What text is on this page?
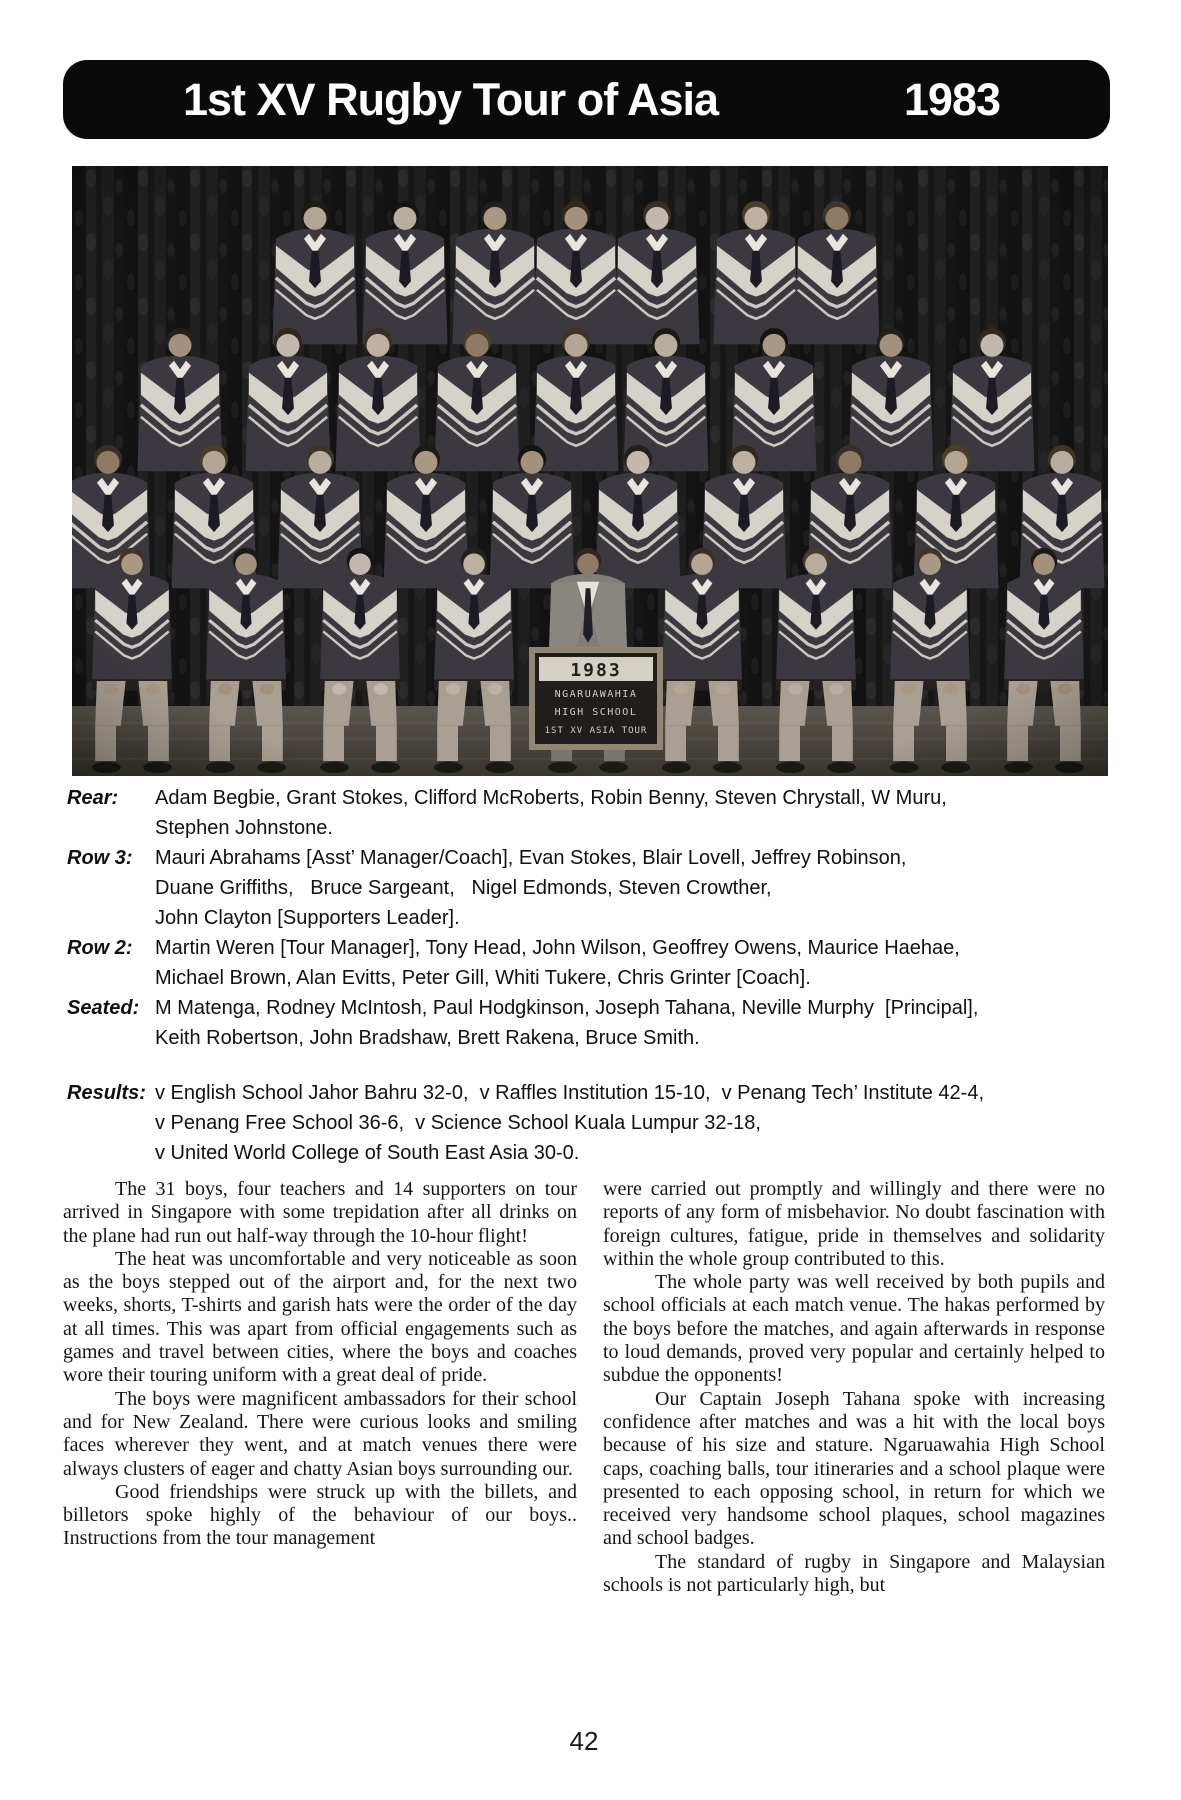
1st XV Rugby Tour of Asia	1983
Rear:	Adam Begbie, Grant Stokes, Clifford McRoberts, Robin Benny, Steven Chrystall, W Muru,
Stephen Johnstone.
Row 3:	Mauri Abrahams [Asst’ Manager/Coach], Evan Stokes, Blair Lovell, Jeffrey Robinson,
Duane Griffiths,   Bruce Sargeant,   Nigel Edmonds, Steven Crowther,
John Clayton [Supporters Leader].
Row 2:	Martin Weren [Tour Manager], Tony Head, John Wilson, Geoffrey Owens, Maurice Haehae,
Michael Brown, Alan Evitts, Peter Gill, Whiti Tukere, Chris Grinter [Coach].
Seated: M Matenga, Rodney McIntosh, Paul Hodgkinson, Joseph Tahana, Neville Murphy  [Principal],
Keith Robertson, John Bradshaw, Brett Rakena, Bruce Smith.
Results: v English School Jahor Bahru 32-0,  v Raffles Institution 15-10,  v Penang Tech’ Institute 42-4,
v Penang Free School 36-6,  v Science School Kuala Lumpur 32-18,
v United World College of South East Asia 30-0.

The 31 boys, four teachers and 14 supporters on tour arrived in Singapore with some trepidation after all drinks on the plane had run out half-way through the 10-hour flight!

The heat was uncomfortable and very noticeable as soon as the boys stepped out of the airport and, for the next two weeks, shorts, T-shirts and garish hats were the order of the day at all times. This was apart from official engagements such as games and travel between cities, where the boys and coaches wore their touring uniform with a great deal of pride.

The boys were magnificent ambassadors for their school and for New Zealand. There were curious looks and smiling faces wherever they went, and at match venues there were always clusters of eager and chatty Asian boys surrounding our.

Good friendships were struck up with the billets, and billetors spoke highly of the behaviour of our boys.. Instructions from the tour management

were carried out promptly and willingly and there were no reports of any form of misbehavior. No doubt fascination with foreign cultures, fatigue, pride in themselves and solidarity within the whole group contributed to this.

The whole party was well received by both pupils and school officials at each match venue. The hakas performed by the boys before the matches, and again afterwards in response to loud demands, proved very popular and certainly helped to subdue the opponents!

Our Captain Joseph Tahana spoke with increasing confidence after matches and was a hit with the local boys because of his size and stature. Ngaruawahia High School caps, coaching balls, tour itineraries and a school plaque were presented to each opposing school, in return for which we received very handsome school plaques, school magazines and school badges.

The standard of rugby in Singapore and Malaysian schools is not particularly high, but

42
